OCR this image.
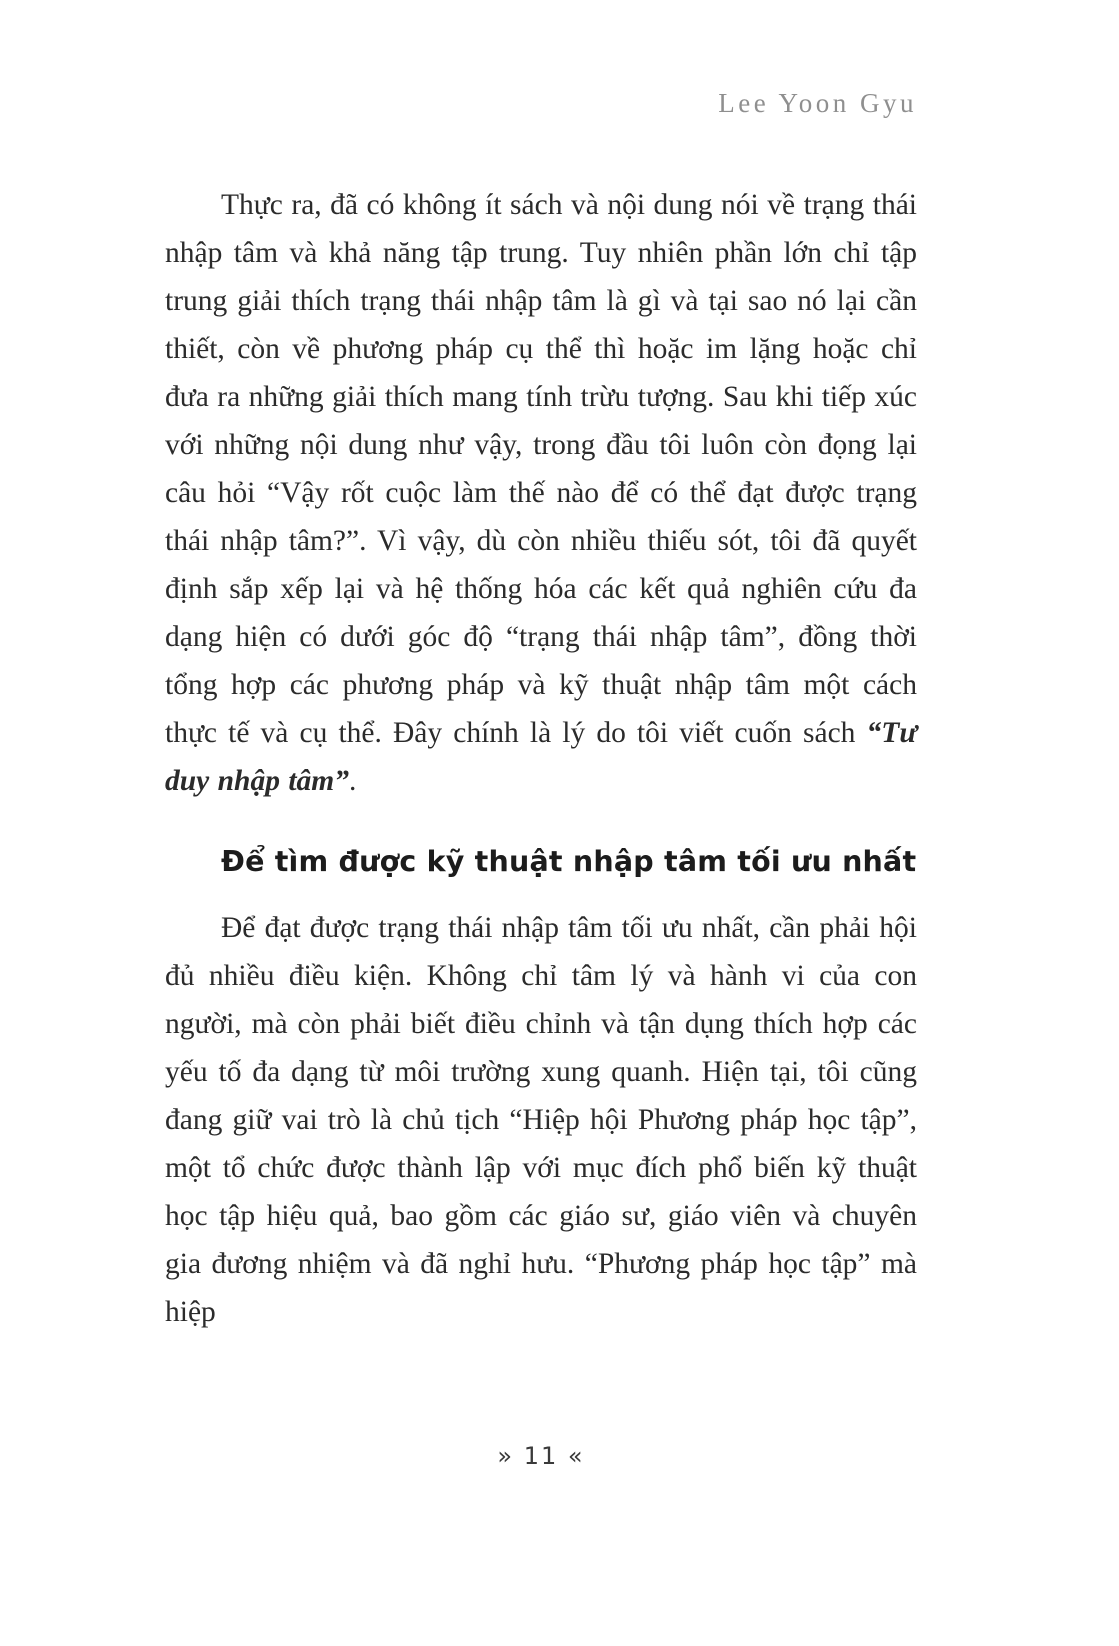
Lee Yoon Gyu

Thực ra, đã có không ít sách và nội dung nói về trạng thái nhập tâm và khả năng tập trung. Tuy nhiên phần lớn chỉ tập trung giải thích trạng thái nhập tâm là gì và tại sao nó lại cần thiết, còn về phương pháp cụ thể thì hoặc im lặng hoặc chỉ đưa ra những giải thích mang tính trừu tượng. Sau khi tiếp xúc với những nội dung như vậy, trong đầu tôi luôn còn đọng lại câu hỏi “Vậy rốt cuộc làm thế nào để có thể đạt được trạng thái nhập tâm?”. Vì vậy, dù còn nhiều thiếu sót, tôi đã quyết định sắp xếp lại và hệ thống hóa các kết quả nghiên cứu đa dạng hiện có dưới góc độ “trạng thái nhập tâm”, đồng thời tổng hợp các phương pháp và kỹ thuật nhập tâm một cách thực tế và cụ thể. Đây chính là lý do tôi viết cuốn sách “Tư duy nhập tâm”.

Để tìm được kỹ thuật nhập tâm tối ưu nhất

Để đạt được trạng thái nhập tâm tối ưu nhất, cần phải hội đủ nhiều điều kiện. Không chỉ tâm lý và hành vi của con người, mà còn phải biết điều chỉnh và tận dụng thích hợp các yếu tố đa dạng từ môi trường xung quanh. Hiện tại, tôi cũng đang giữ vai trò là chủ tịch “Hiệp hội Phương pháp học tập”, một tổ chức được thành lập với mục đích phổ biến kỹ thuật học tập hiệu quả, bao gồm các giáo sư, giáo viên và chuyên gia đương nhiệm và đã nghỉ hưu. “Phương pháp học tập” mà hiệp

» 11 «
